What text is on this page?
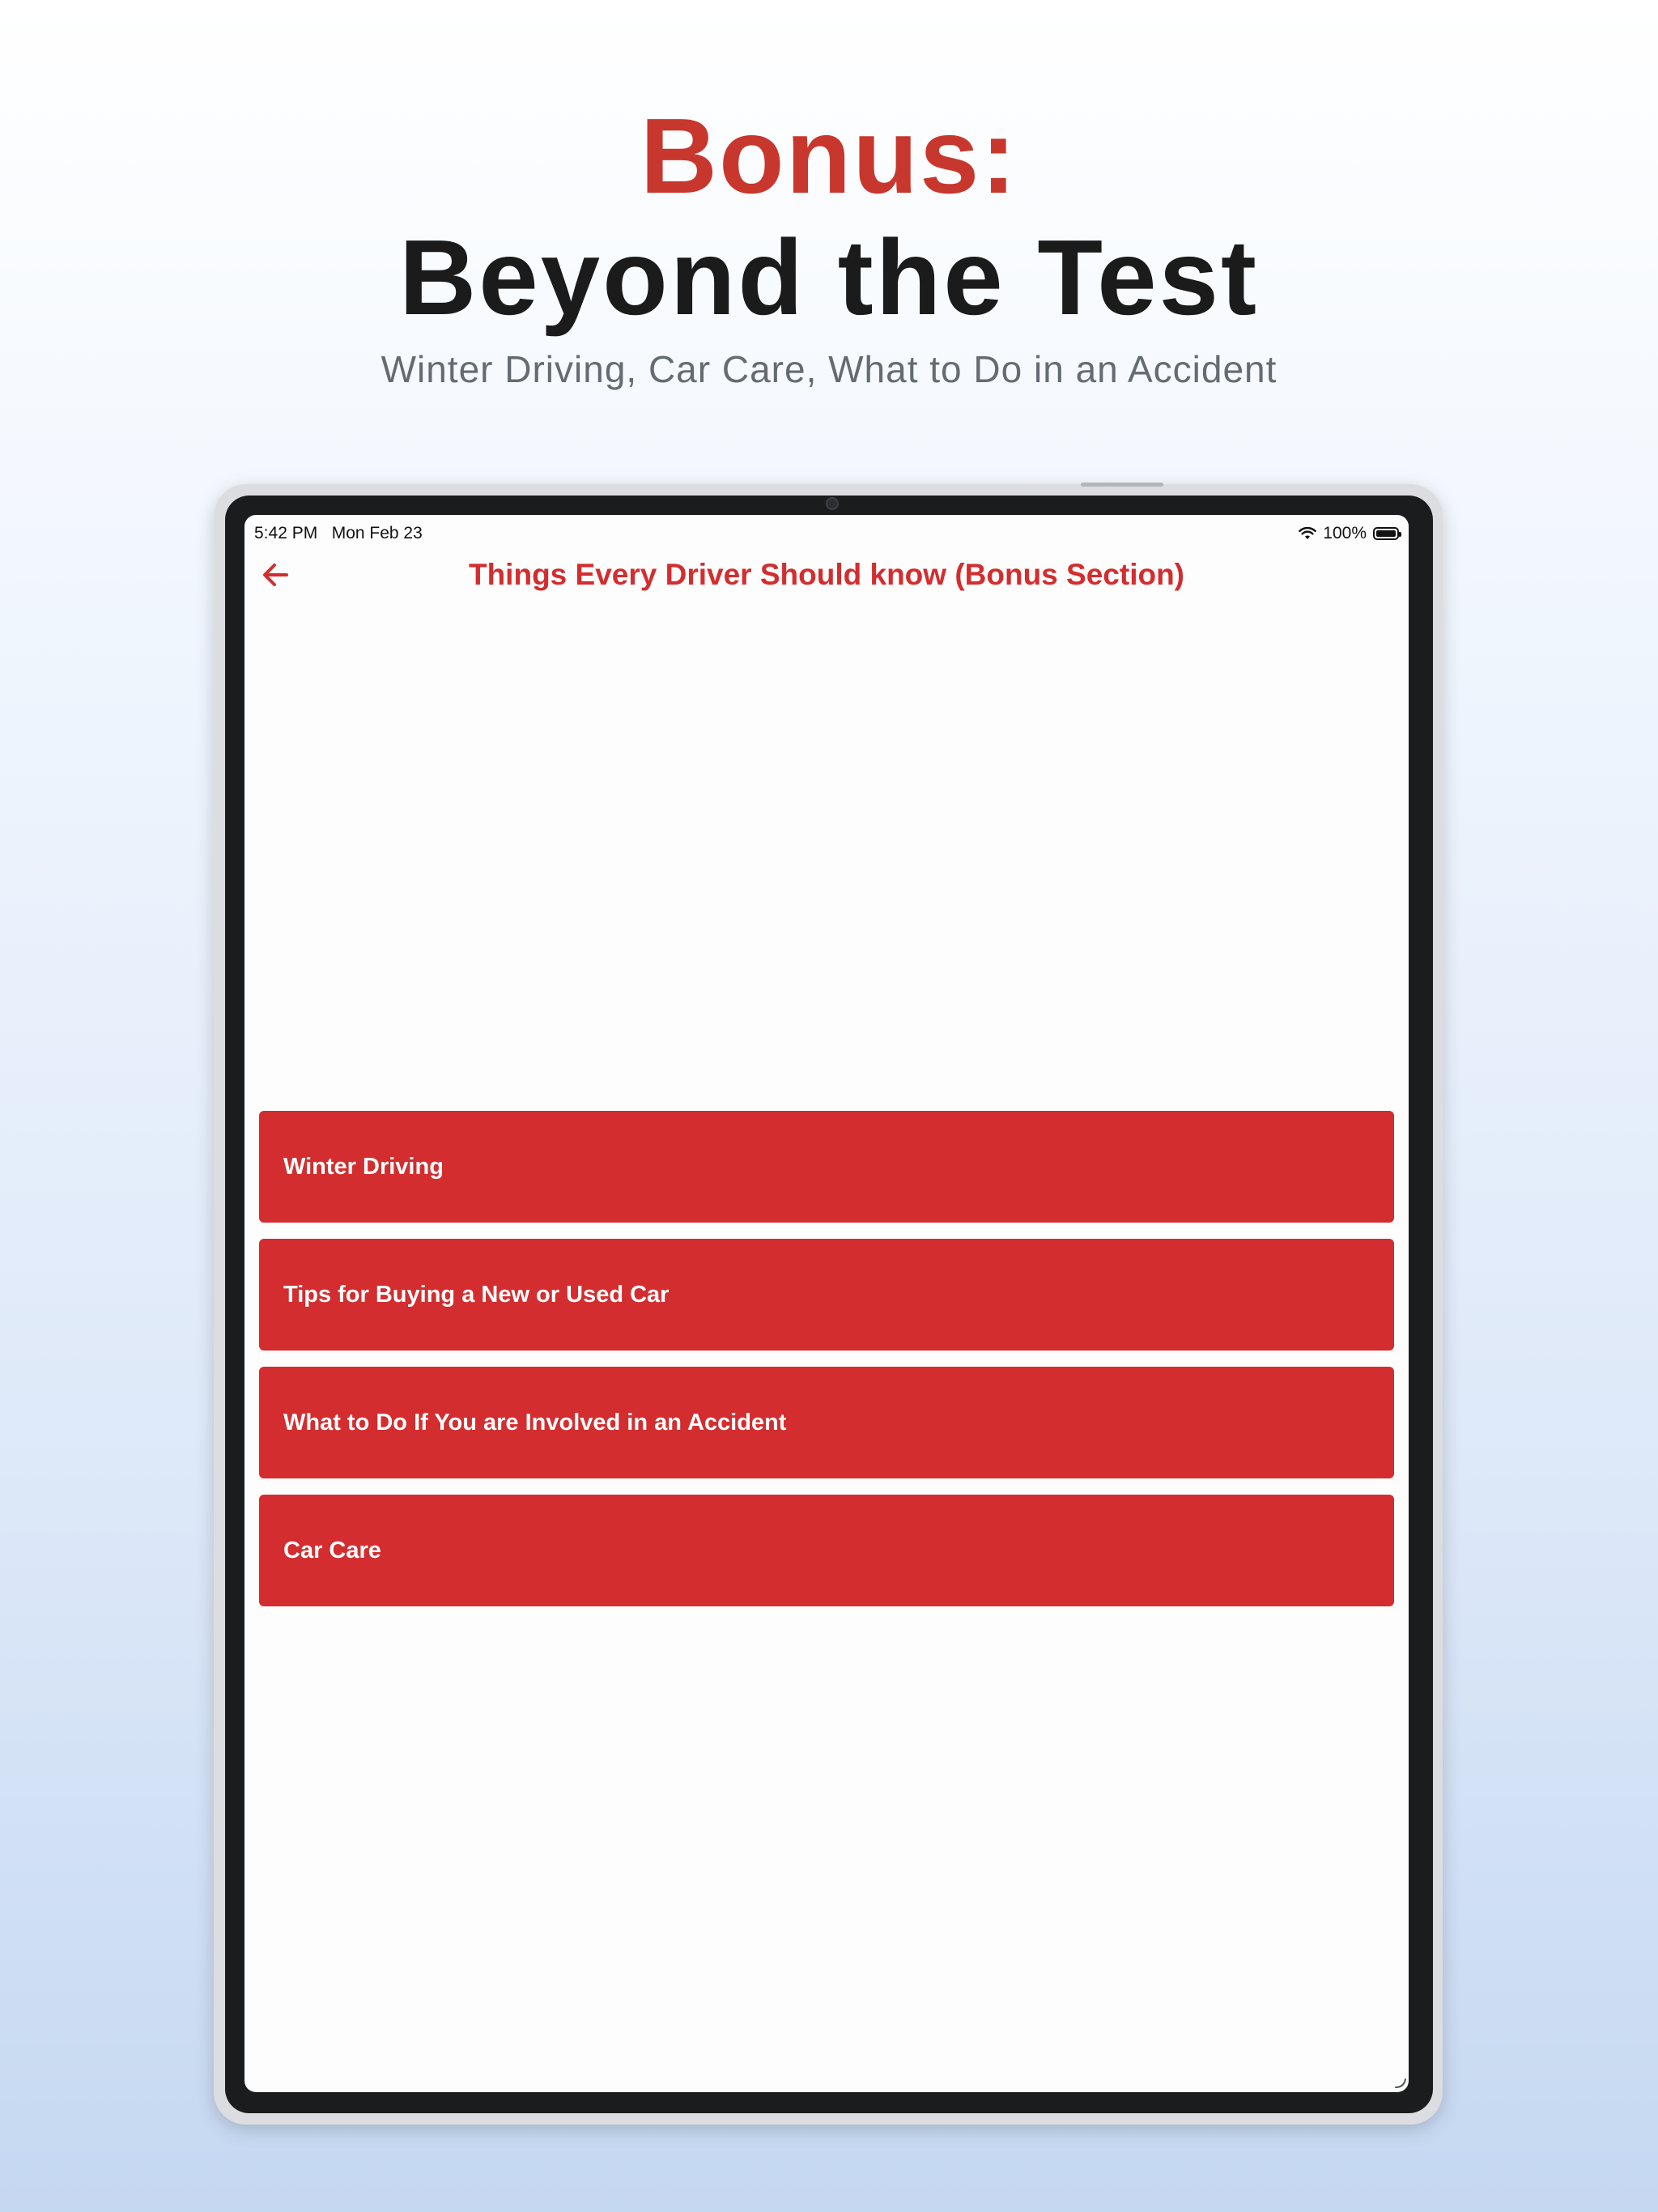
Bonus:
Beyond the Test
Winter Driving, Car Care, What to Do in an Accident
5:42 PM   Mon Feb 23	100%
Things Every Driver Should know (Bonus Section)
Winter Driving
Tips for Buying a New or Used Car
What to Do If You are Involved in an Accident
Car Care
